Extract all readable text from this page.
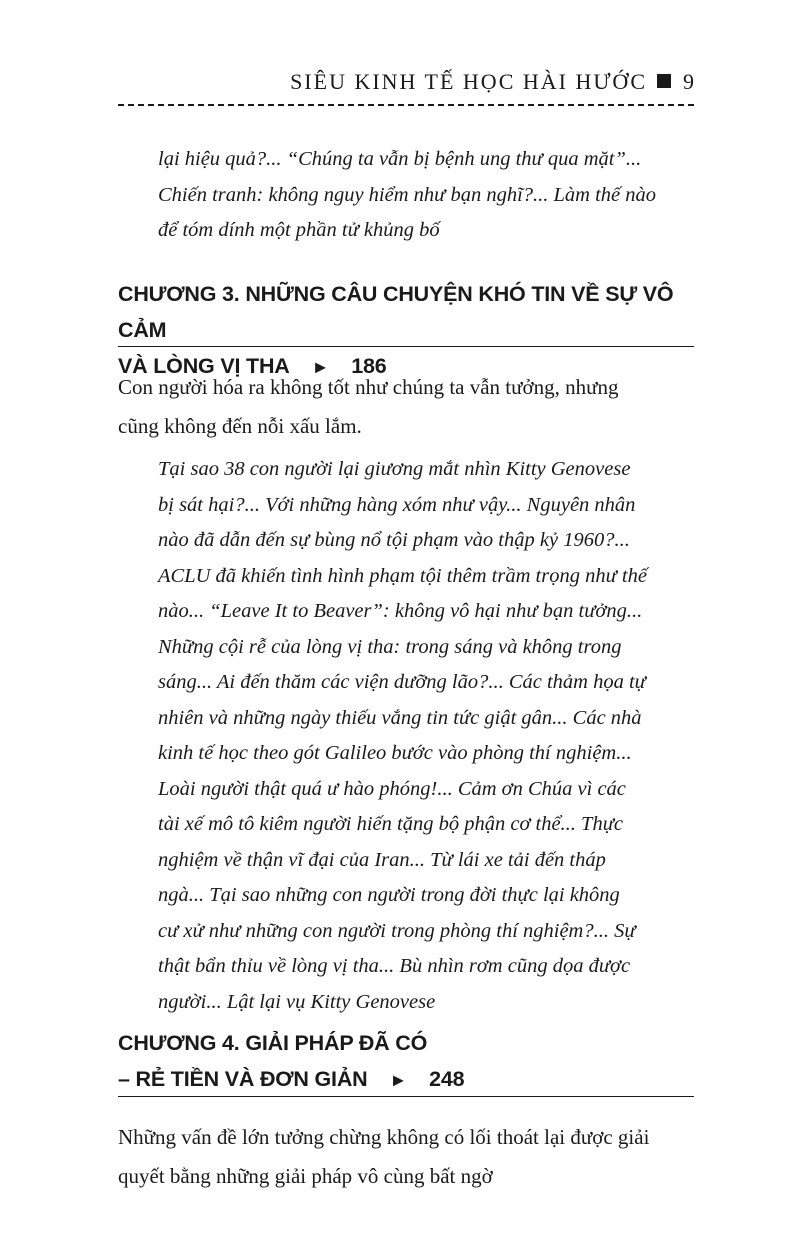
SIÊU KINH TẾ HỌC HÀI HƯỚC 9
lại hiệu quả?... “Chúng ta vẫn bị bệnh ung thư qua mặt”...
Chiến tranh: không nguy hiểm như bạn nghĩ?... Làm thế nào
để tóm dính một phần tử khủng bố
CHƯƠNG 3. NHỮNG CÂU CHUYỆN KHÓ TIN VỀ SỰ VÔ CẢM
VÀ LÒNG VỊ THA ► 186
Con người hóa ra không tốt như chúng ta vẫn tưởng, nhưng
cũng không đến nỗi xấu lắm.
Tại sao 38 con người lại giương mắt nhìn Kitty Genovese
bị sát hại?... Với những hàng xóm như vậy... Nguyên nhân
nào đã dẫn đến sự bùng nổ tội phạm vào thập kỷ 1960?...
ACLU đã khiến tình hình phạm tội thêm trầm trọng như thế
nào... “Leave It to Beaver”: không vô hại như bạn tưởng...
Những cội rễ của lòng vị tha: trong sáng và không trong
sáng... Ai đến thăm các viện dưỡng lão?... Các thảm họa tự
nhiên và những ngày thiếu vắng tin tức giật gân... Các nhà
kinh tế học theo gót Galileo bước vào phòng thí nghiệm...
Loài người thật quá ư hào phóng!... Cảm ơn Chúa vì các
tài xế mô tô kiêm người hiến tặng bộ phận cơ thể... Thực
nghiệm về thận vĩ đại của Iran... Từ lái xe tải đến tháp
ngà... Tại sao những con người trong đời thực lại không
cư xử như những con người trong phòng thí nghiệm?... Sự
thật bẩn thỉu về lòng vị tha... Bù nhìn rơm cũng dọa được
người... Lật lại vụ Kitty Genovese
CHƯƠNG 4. GIẢI PHÁP ĐÃ CÓ
– RẺ TIỀN VÀ ĐƠN GIẢN ► 248
Những vấn đề lớn tưởng chừng không có lối thoát lại được giải
quyết bằng những giải pháp vô cùng bất ngờ
